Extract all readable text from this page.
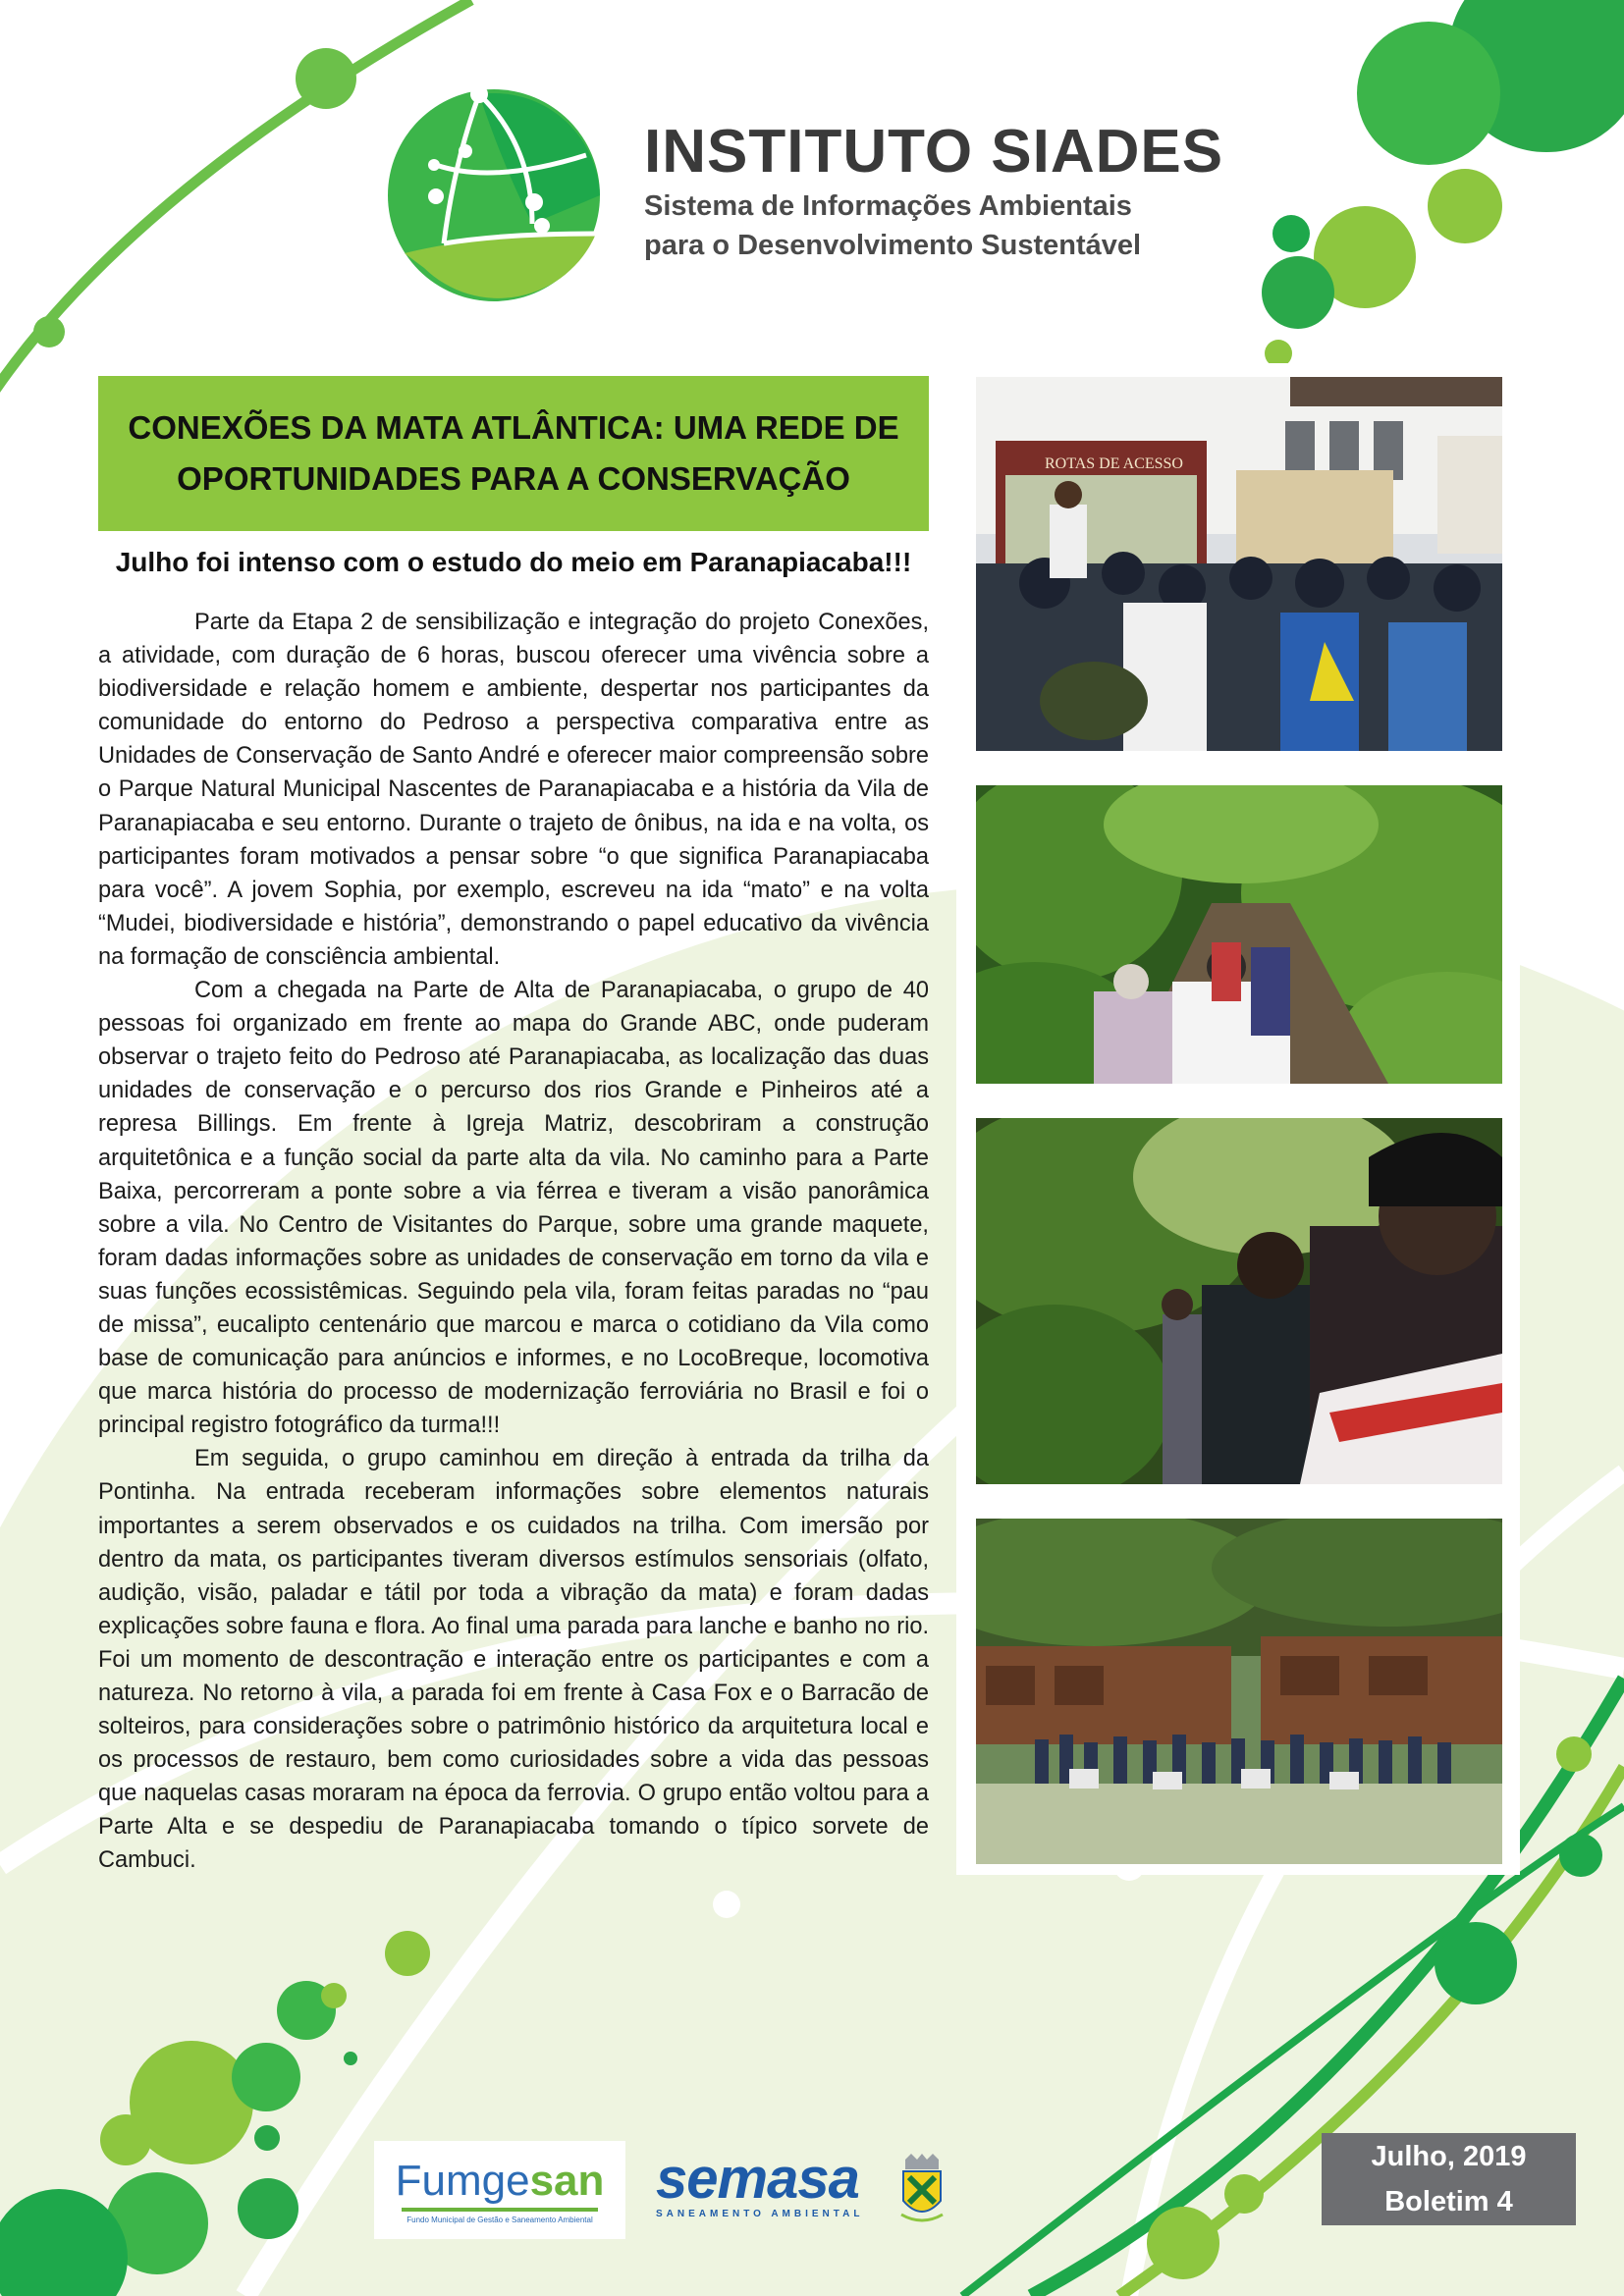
INSTITUTO SIADES
Sistema de Informações Ambientais
para o Desenvolvimento Sustentável
CONEXÕES DA MATA ATLÂNTICA: UMA REDE DE
OPORTUNIDADES PARA A CONSERVAÇÃO
Julho foi intenso com o estudo do meio em Paranapiacaba!!!

Parte da Etapa 2 de sensibilização e integração do projeto Conexões, a atividade, com duração de 6 horas, buscou oferecer uma vivência sobre a biodiversidade e relação homem e ambiente, despertar nos participantes da comunidade do entorno do Pedroso a perspectiva comparativa entre as Unidades de Conservação de Santo André e oferecer maior compreensão sobre o Parque Natural Municipal Nascentes de Paranapiacaba e a história da Vila de Paranapiacaba e seu entorno. Durante o trajeto de ônibus, na ida e na volta, os participantes foram motivados a pensar sobre “o que significa Paranapiacaba para você”. A jovem Sophia, por exemplo, escreveu na ida “mato” e na volta “Mudei, biodiversidade e história”, demonstrando o papel educativo da vivência na formação de consciência ambiental.

Com a chegada na Parte de Alta de Paranapiacaba, o grupo de 40 pessoas foi organizado em frente ao mapa do Grande ABC, onde puderam observar o trajeto feito do Pedroso até Paranapiacaba, as localização das duas unidades de conservação e o percurso dos rios Grande e Pinheiros até a represa Billings. Em frente à Igreja Matriz, descobriram a construção arquitetônica e a função social da parte alta da vila. No caminho para a Parte Baixa, percorreram a ponte sobre a via férrea e tiveram a visão panorâmica sobre a vila. No Centro de Visitantes do Parque, sobre uma grande maquete, foram dadas informações sobre as unidades de conservação em torno da vila e suas funções ecossistêmicas. Seguindo pela vila, foram feitas paradas no “pau de missa”, eucalipto centenário que marcou e marca o cotidiano da Vila como base de comunicação para anúncios e informes, e no LocoBreque, locomotiva que marca história do processo de modernização ferroviária no Brasil e foi o principal registro fotográfico da turma!!!

Em seguida, o grupo caminhou em direção à entrada da trilha da Pontinha. Na entrada receberam informações sobre elementos naturais importantes a serem observados e os cuidados na trilha. Com imersão por dentro da mata, os participantes tiveram diversos estímulos sensoriais (olfato, audição, visão, paladar e tátil por toda a vibração da mata) e foram dadas explicações sobre fauna e flora. Ao final uma parada para lanche e banho no rio. Foi um momento de descontração e interação entre os participantes e com a natureza. No retorno à vila, a parada foi em frente à Casa Fox e o Barracão de solteiros, para considerações sobre o patrimônio histórico da arquitetura local e os processos de restauro, bem como curiosidades sobre a vida das pessoas que naquelas casas moraram na época da ferrovia. O grupo então voltou para a Parte Alta e se despediu de Paranapiacaba tomando o típico sorvete de Cambuci.

ROTAS DE ACESSO
Fumgesan
Fundo Municipal de Gestão e Saneamento Ambiental
semasa
SANEAMENTO AMBIENTAL
Julho, 2019
Boletim 4
